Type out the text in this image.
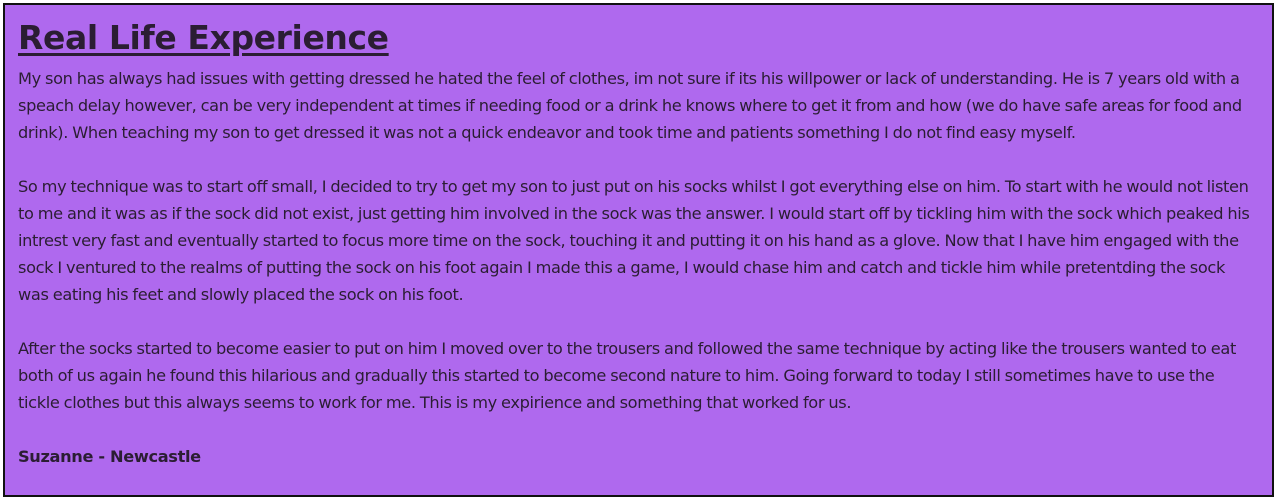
Real Life Experience

My son has always had issues with getting dressed he hated the feel of clothes, im not sure if its his willpower or lack of understanding. He is 7 years old with a speach delay however, can be very independent at times if needing food or a drink he knows where to get it from and how (we do have safe areas for food and drink). When teaching my son to get dressed it was not a quick endeavor and took time and patients something I do not find easy myself.

So my technique was to start off small, I decided to try to get my son to just put on his socks whilst I got everything else on him. To start with he would not listen to me and it was as if the sock did not exist, just getting him involved in the sock was the answer. I would start off by tickling him with the sock which peaked his intrest very fast and eventually started to focus more time on the sock, touching it and putting it on his hand as a glove. Now that I have him engaged with the sock I ventured to the realms of putting the sock on his foot again I made this a game, I would chase him and catch and tickle him while pretentding the sock was eating his feet and slowly placed the sock on his foot.

After the socks started to become easier to put on him I moved over to the trousers and followed the same technique by acting like the trousers wanted to eat both of us again he found this hilarious and gradually this started to become second nature to him. Going forward to today I still sometimes have to use the tickle clothes but this always seems to work for me. This is my expirience and something that worked for us.

Suzanne - Newcastle
